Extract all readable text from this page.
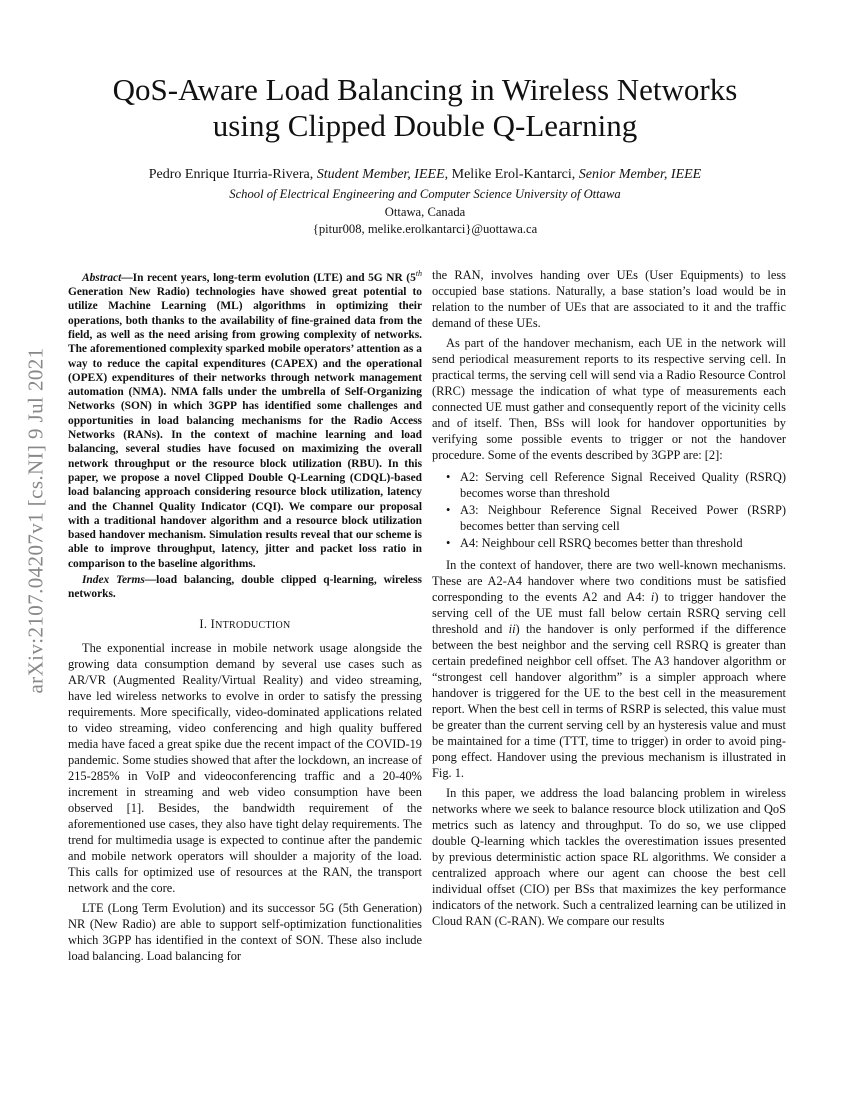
arXiv:2107.04207v1 [cs.NI] 9 Jul 2021
QoS-Aware Load Balancing in Wireless Networks
using Clipped Double Q-Learning
Pedro Enrique Iturria-Rivera, Student Member, IEEE, Melike Erol-Kantarci, Senior Member, IEEE
School of Electrical Engineering and Computer Science University of Ottawa
Ottawa, Canada
{pitur008, melike.erolkantarci}@uottawa.ca

Abstract—In recent years, long-term evolution (LTE) and 5G NR (5th Generation New Radio) technologies have showed great potential to utilize Machine Learning (ML) algorithms in optimizing their operations, both thanks to the availability of fine-grained data from the field, as well as the need arising from growing complexity of networks. The aforementioned complexity sparked mobile operators’ attention as a way to reduce the capital expenditures (CAPEX) and the operational (OPEX) expenditures of their networks through network management automation (NMA). NMA falls under the umbrella of Self-Organizing Networks (SON) in which 3GPP has identified some challenges and opportunities in load balancing mechanisms for the Radio Access Networks (RANs). In the context of machine learning and load balancing, several studies have focused on maximizing the overall network throughput or the resource block utilization (RBU). In this paper, we propose a novel Clipped Double Q-Learning (CDQL)-based load balancing approach considering resource block utilization, latency and the Channel Quality Indicator (CQI). We compare our proposal with a traditional handover algorithm and a resource block utilization based handover mechanism. Simulation results reveal that our scheme is able to improve throughput, latency, jitter and packet loss ratio in comparison to the baseline algorithms.

Index Terms—load balancing, double clipped q-learning, wireless networks.

I. INTRODUCTION

The exponential increase in mobile network usage alongside the growing data consumption demand by several use cases such as AR/VR (Augmented Reality/Virtual Reality) and video streaming, have led wireless networks to evolve in order to satisfy the pressing requirements. More specifically, video-dominated applications related to video streaming, video conferencing and high quality buffered media have faced a great spike due the recent impact of the COVID-19 pandemic. Some studies showed that after the lockdown, an increase of 215-285% in VoIP and videoconferencing traffic and a 20-40% increment in streaming and web video consumption have been observed [1]. Besides, the bandwidth requirement of the aforementioned use cases, they also have tight delay requirements. The trend for multimedia usage is expected to continue after the pandemic and mobile network operators will shoulder a majority of the load. This calls for optimized use of resources at the RAN, the transport network and the core.

LTE (Long Term Evolution) and its successor 5G (5th Generation) NR (New Radio) are able to support self-optimization functionalities which 3GPP has identified in the context of SON. These also include load balancing. Load balancing for

the RAN, involves handing over UEs (User Equipments) to less occupied base stations. Naturally, a base station’s load would be in relation to the number of UEs that are associated to it and the traffic demand of these UEs.

As part of the handover mechanism, each UE in the network will send periodical measurement reports to its respective serving cell. In practical terms, the serving cell will send via a Radio Resource Control (RRC) message the indication of what type of measurements each connected UE must gather and consequently report of the vicinity cells and of itself. Then, BSs will look for handover opportunities by verifying some possible events to trigger or not the handover procedure. Some of the events described by 3GPP are: [2]:

• A2: Serving cell Reference Signal Received Quality (RSRQ) becomes worse than threshold
• A3: Neighbour Reference Signal Received Power (RSRP) becomes better than serving cell
• A4: Neighbour cell RSRQ becomes better than threshold

In the context of handover, there are two well-known mechanisms. These are A2-A4 handover where two conditions must be satisfied corresponding to the events A2 and A4: i) to trigger handover the serving cell of the UE must fall below certain RSRQ serving cell threshold and ii) the handover is only performed if the difference between the best neighbor and the serving cell RSRQ is greater than certain predefined neighbor cell offset. The A3 handover algorithm or “strongest cell handover algorithm” is a simpler approach where handover is triggered for the UE to the best cell in the measurement report. When the best cell in terms of RSRP is selected, this value must be greater than the current serving cell by an hysteresis value and must be maintained for a time (TTT, time to trigger) in order to avoid ping-pong effect. Handover using the previous mechanism is illustrated in Fig. 1.

In this paper, we address the load balancing problem in wireless networks where we seek to balance resource block utilization and QoS metrics such as latency and throughput. To do so, we use clipped double Q-learning which tackles the overestimation issues presented by previous deterministic action space RL algorithms. We consider a centralized approach where our agent can choose the best cell individual offset (CIO) per BSs that maximizes the key performance indicators of the network. Such a centralized learning can be utilized in Cloud RAN (C-RAN). We compare our results
